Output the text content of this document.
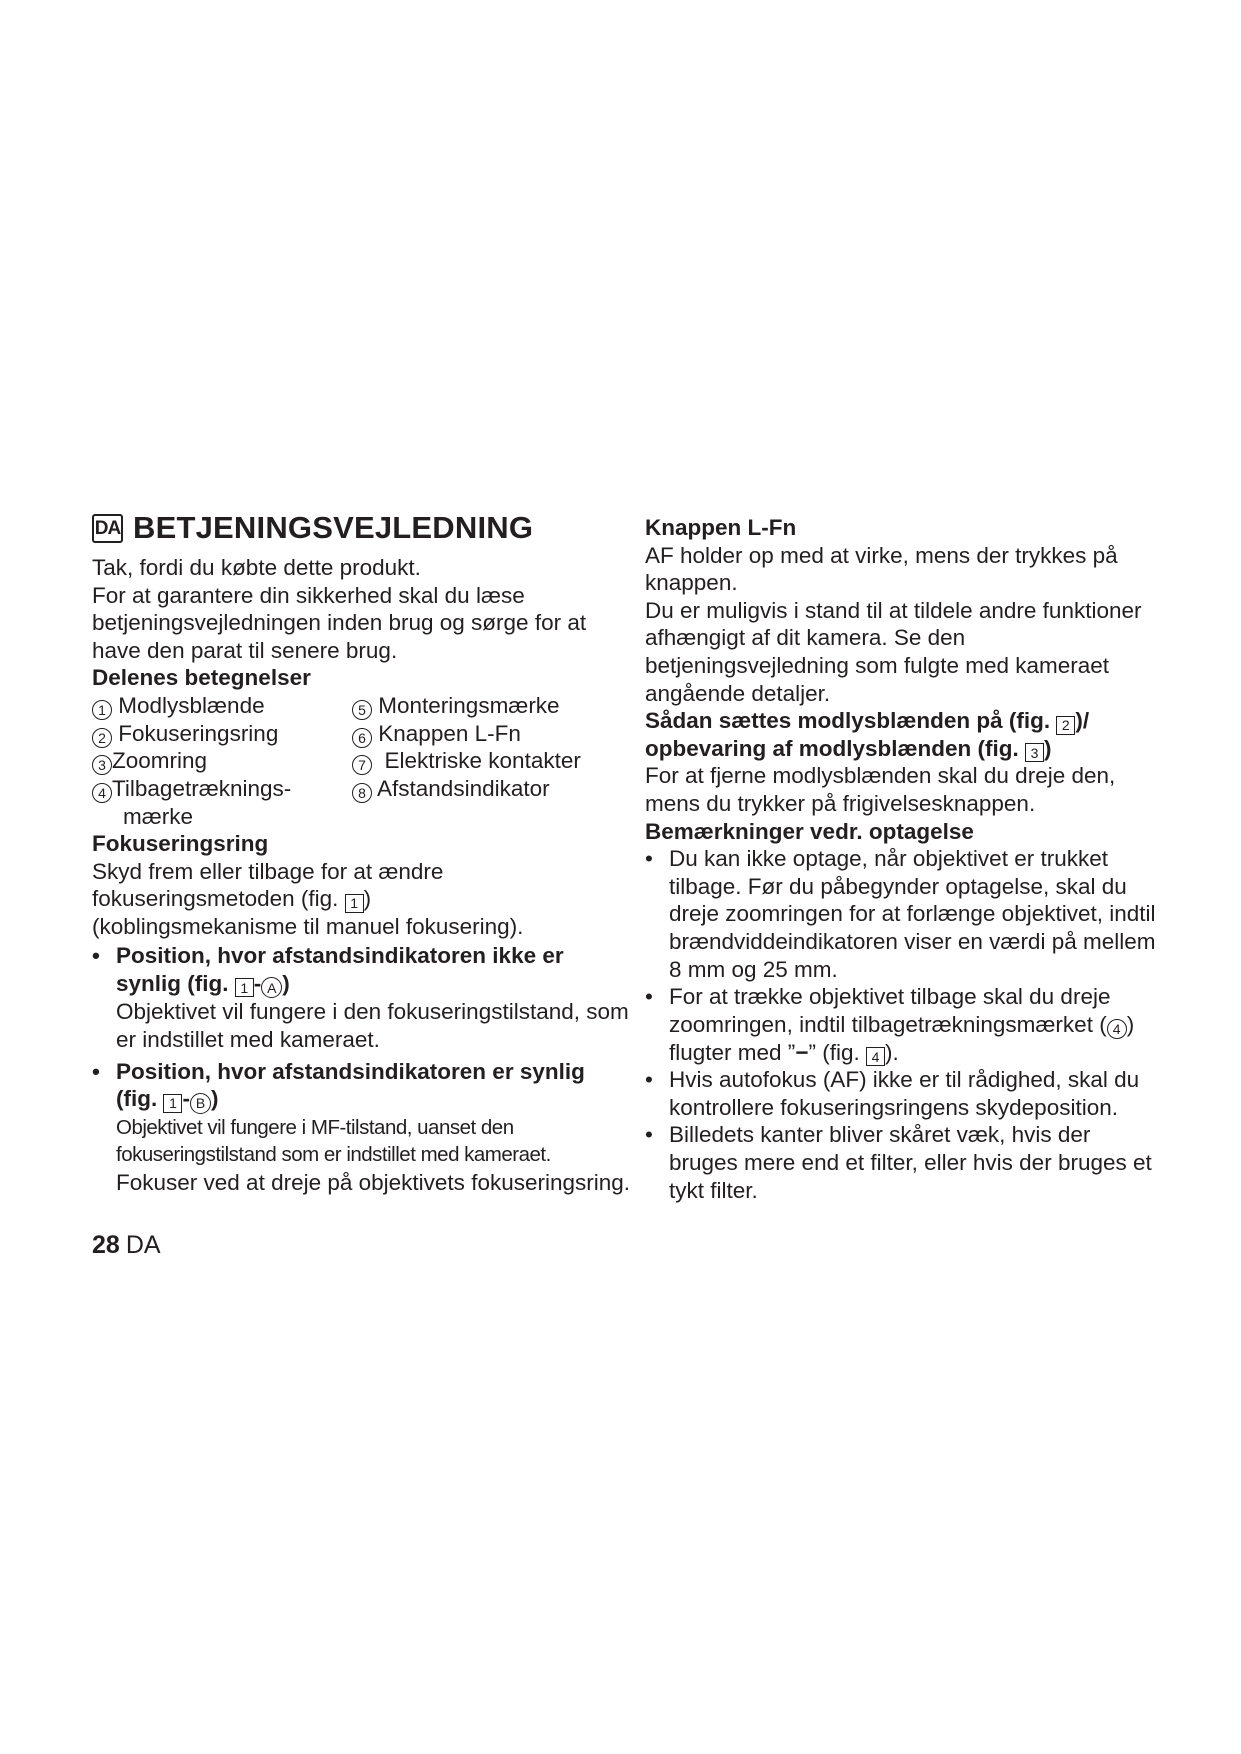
DA BETJENINGSVEJLEDNING

Tak, fordi du købte dette produkt.

For at garantere din sikkerhed skal du læse betjeningsvejledningen inden brug og sørge for at have den parat til senere brug.

Delenes betegnelser

1 Modlysblænde
2 Fokuseringsring
3 Zoomring
4 Tilbagetræknings-
mærke
5 Monteringsmærke
6 Knappen L-Fn
7 Elektriske kontakter
8 Afstandsindikator

Fokuseringsring

Skyd frem eller tilbage for at ændre fokuseringsmetoden (fig. 1 )

(koblingsmekanisme til manuel fokusering).

• Position, hvor afstandsindikatoren ikke er synlig (fig. 1 - A )

Objektivet vil fungere i den fokuseringstilstand, som er indstillet med kameraet.

• Position, hvor afstandsindikatoren er synlig (fig. 1 - B )

Objektivet vil fungere i MF-tilstand, uanset den fokuseringstilstand som er indstillet med kameraet.

Fokuser ved at dreje på objektivets fokuseringsring.

Knappen L-Fn

AF holder op med at virke, mens der trykkes på knappen.

Du er muligvis i stand til at tildele andre funktioner afhængigt af dit kamera. Se den betjeningsvejledning som fulgte med kameraet angående detaljer.

Sådan sættes modlysblænden på (fig. 2 )/ opbevaring af modlysblænden (fig. 3 )

For at fjerne modlysblænden skal du dreje den, mens du trykker på frigivelsesknappen.

Bemærkninger vedr. optagelse

• Du kan ikke optage, når objektivet er trukket tilbage. Før du påbegynder optagelse, skal du dreje zoomringen for at forlænge objektivet, indtil brændviddeindikatoren viser en værdi på mellem 8 mm og 25 mm.

• For at trække objektivet tilbage skal du dreje zoomringen, indtil tilbagetrækningsmærket ( 4 ) flugter med ”−” (fig. 4 ).

• Hvis autofokus (AF) ikke er til rådighed, skal du kontrollere fokuseringsringens skydeposition.

• Billedets kanter bliver skåret væk, hvis der bruges mere end et filter, eller hvis der bruges et tykt filter.

28 DA
